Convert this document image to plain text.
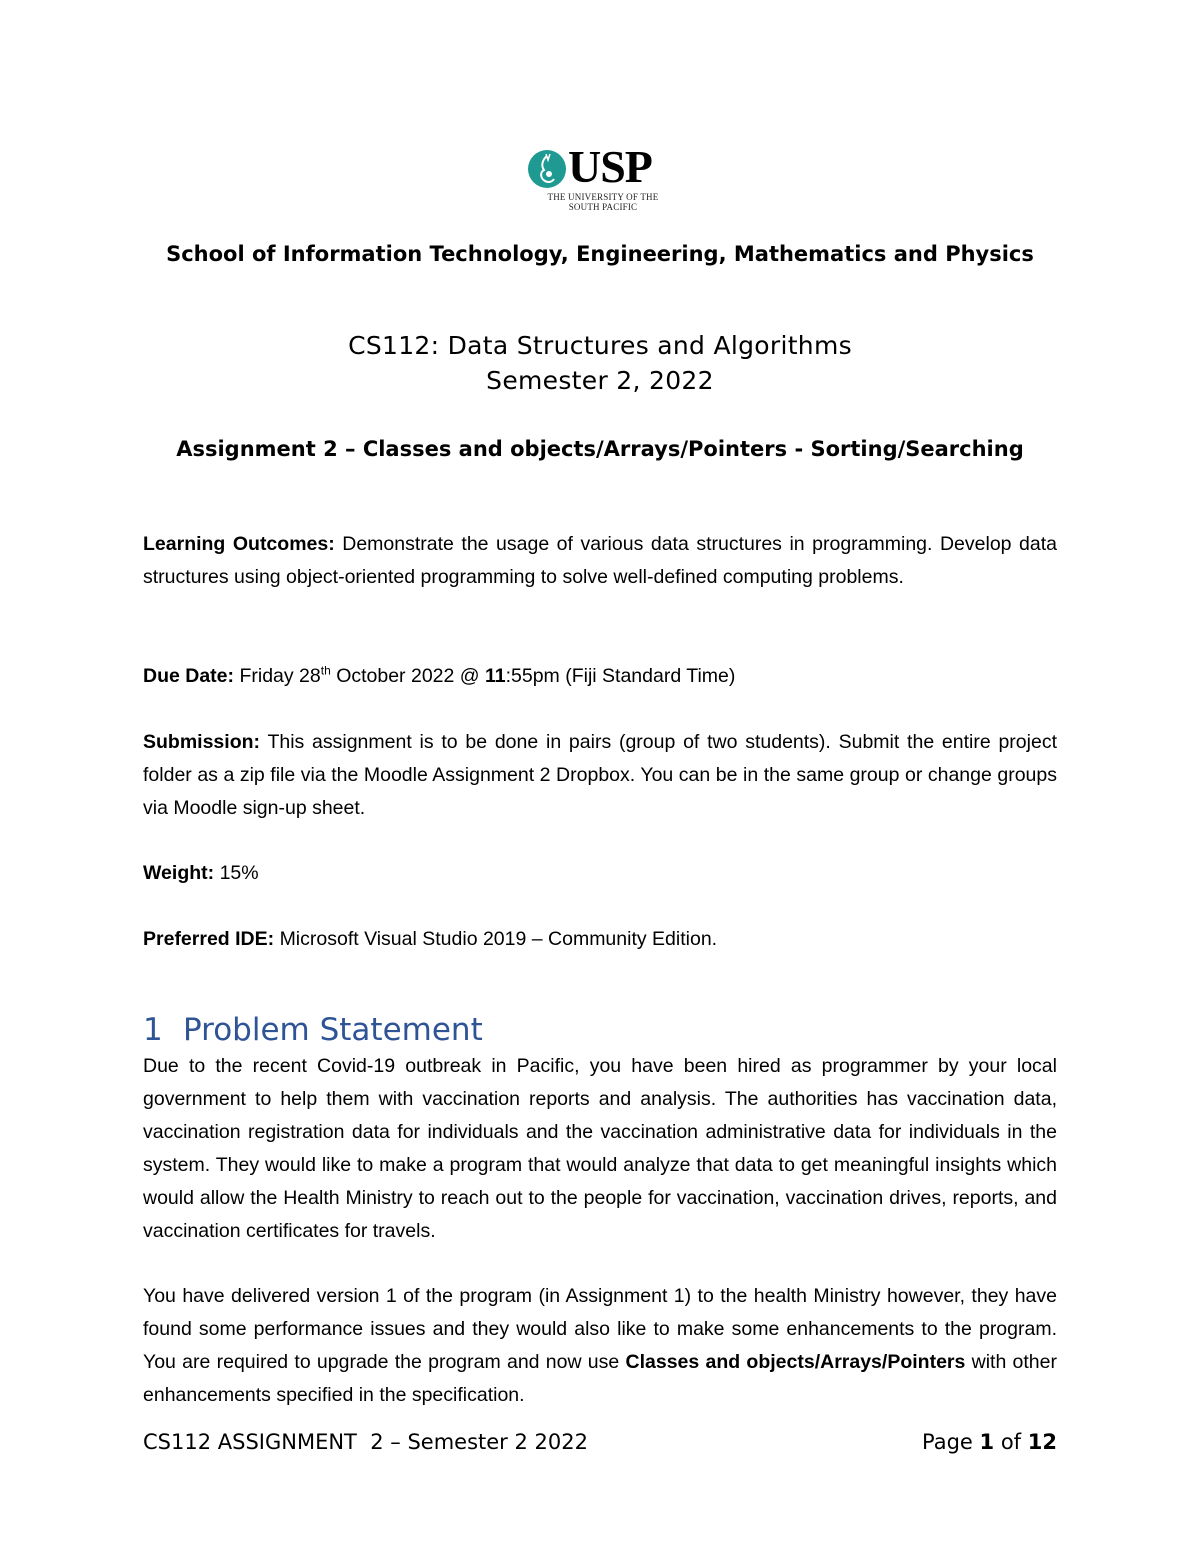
USP
THE UNIVERSITY OF THE
SOUTH PACIFIC
School of Information Technology, Engineering, Mathematics and Physics
CS112: Data Structures and Algorithms
Semester 2, 2022
Assignment 2 – Classes and objects/Arrays/Pointers - Sorting/Searching
Learning Outcomes: Demonstrate the usage of various data structures in programming. Develop data structures using object-oriented programming to solve well-defined computing problems.
Due Date: Friday 28th October 2022 @ 11:55pm (Fiji Standard Time)
Submission: This assignment is to be done in pairs (group of two students). Submit the entire project folder as a zip file via the Moodle Assignment 2 Dropbox. You can be in the same group or change groups via Moodle sign-up sheet.
Weight: 15%
Preferred IDE: Microsoft Visual Studio 2019 – Community Edition.
1 Problem Statement
Due to the recent Covid-19 outbreak in Pacific, you have been hired as programmer by your local government to help them with vaccination reports and analysis. The authorities has vaccination data, vaccination registration data for individuals and the vaccination administrative data for individuals in the system. They would like to make a program that would analyze that data to get meaningful insights which would allow the Health Ministry to reach out to the people for vaccination, vaccination drives, reports, and vaccination certificates for travels.
You have delivered version 1 of the program (in Assignment 1) to the health Ministry however, they have found some performance issues and they would also like to make some enhancements to the program. You are required to upgrade the program and now use Classes and objects/Arrays/Pointers with other enhancements specified in the specification.
CS112 ASSIGNMENT  2 – Semester 2 2022	Page 1 of 12
